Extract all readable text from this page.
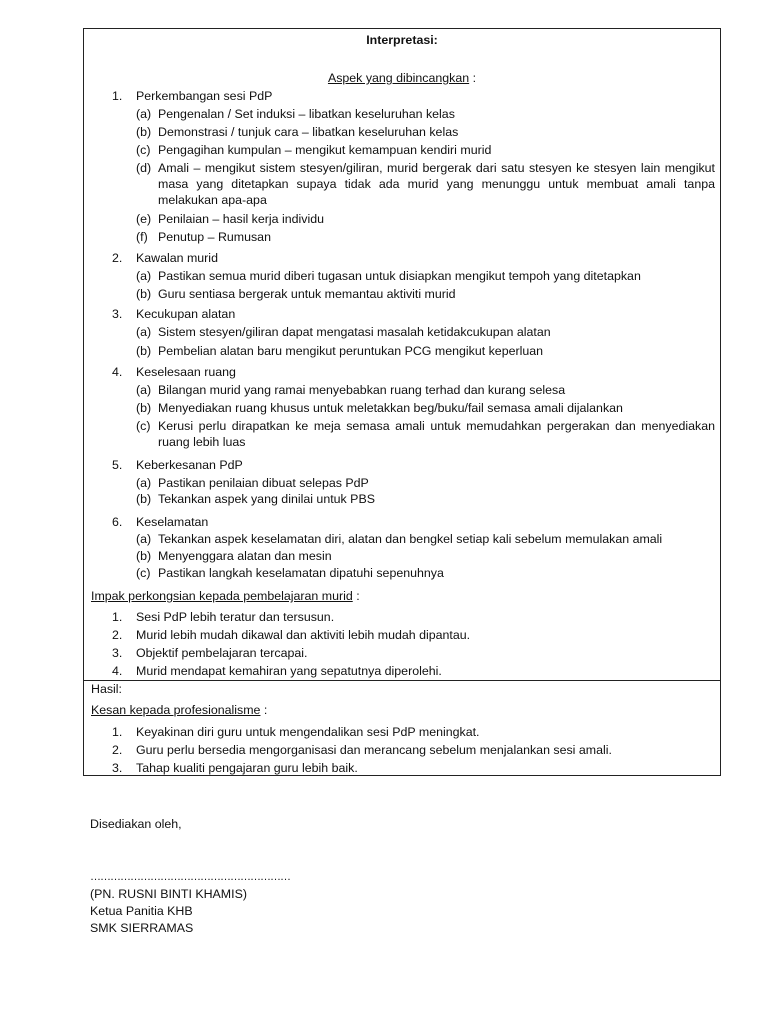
Interpretasi:
Aspek yang dibincangkan :
1. Perkembangan sesi PdP
(a) Pengenalan / Set induksi – libatkan keseluruhan kelas
(b) Demonstrasi / tunjuk cara – libatkan keseluruhan kelas
(c) Pengagihan kumpulan – mengikut kemampuan kendiri murid
(d) Amali – mengikut sistem stesyen/giliran, murid bergerak dari satu stesyen ke stesyen lain mengikut masa yang ditetapkan supaya tidak ada murid yang menunggu untuk membuat amali tanpa melakukan apa-apa
(e) Penilaian – hasil kerja individu
(f) Penutup – Rumusan
2. Kawalan murid
(a) Pastikan semua murid diberi tugasan untuk disiapkan mengikut tempoh yang ditetapkan
(b) Guru sentiasa bergerak untuk memantau aktiviti murid
3. Kecukupan alatan
(a) Sistem stesyen/giliran dapat mengatasi masalah ketidakcukupan alatan
(b) Pembelian alatan baru mengikut peruntukan PCG mengikut keperluan
4. Keselesaan ruang
(a) Bilangan murid yang ramai menyebabkan ruang terhad dan kurang selesa
(b) Menyediakan ruang khusus untuk meletakkan beg/buku/fail semasa amali dijalankan
(c) Kerusi perlu dirapatkan ke meja semasa amali untuk memudahkan pergerakan dan menyediakan ruang lebih luas
5. Keberkesanan PdP
(a) Pastikan penilaian dibuat selepas PdP
(b) Tekankan aspek yang dinilai untuk PBS
6. Keselamatan
(a) Tekankan aspek keselamatan diri, alatan dan bengkel setiap kali sebelum memulakan amali
(b) Menyenggara alatan dan mesin
(c) Pastikan langkah keselamatan dipatuhi sepenuhnya
Impak perkongsian kepada pembelajaran murid :
1. Sesi PdP lebih teratur dan tersusun.
2. Murid lebih mudah dikawal dan aktiviti lebih mudah dipantau.
3. Objektif pembelajaran tercapai.
4. Murid mendapat kemahiran yang sepatutnya diperolehi.
Hasil:
Kesan kepada profesionalisme :
1. Keyakinan diri guru untuk mengendalikan sesi PdP meningkat.
2. Guru perlu bersedia mengorganisasi dan merancang sebelum menjalankan sesi amali.
3. Tahap kualiti pengajaran guru lebih baik.
Disediakan oleh,
……………………………………………………
(PN. RUSNI BINTI KHAMIS)
Ketua Panitia KHB
SMK SIERRAMAS
